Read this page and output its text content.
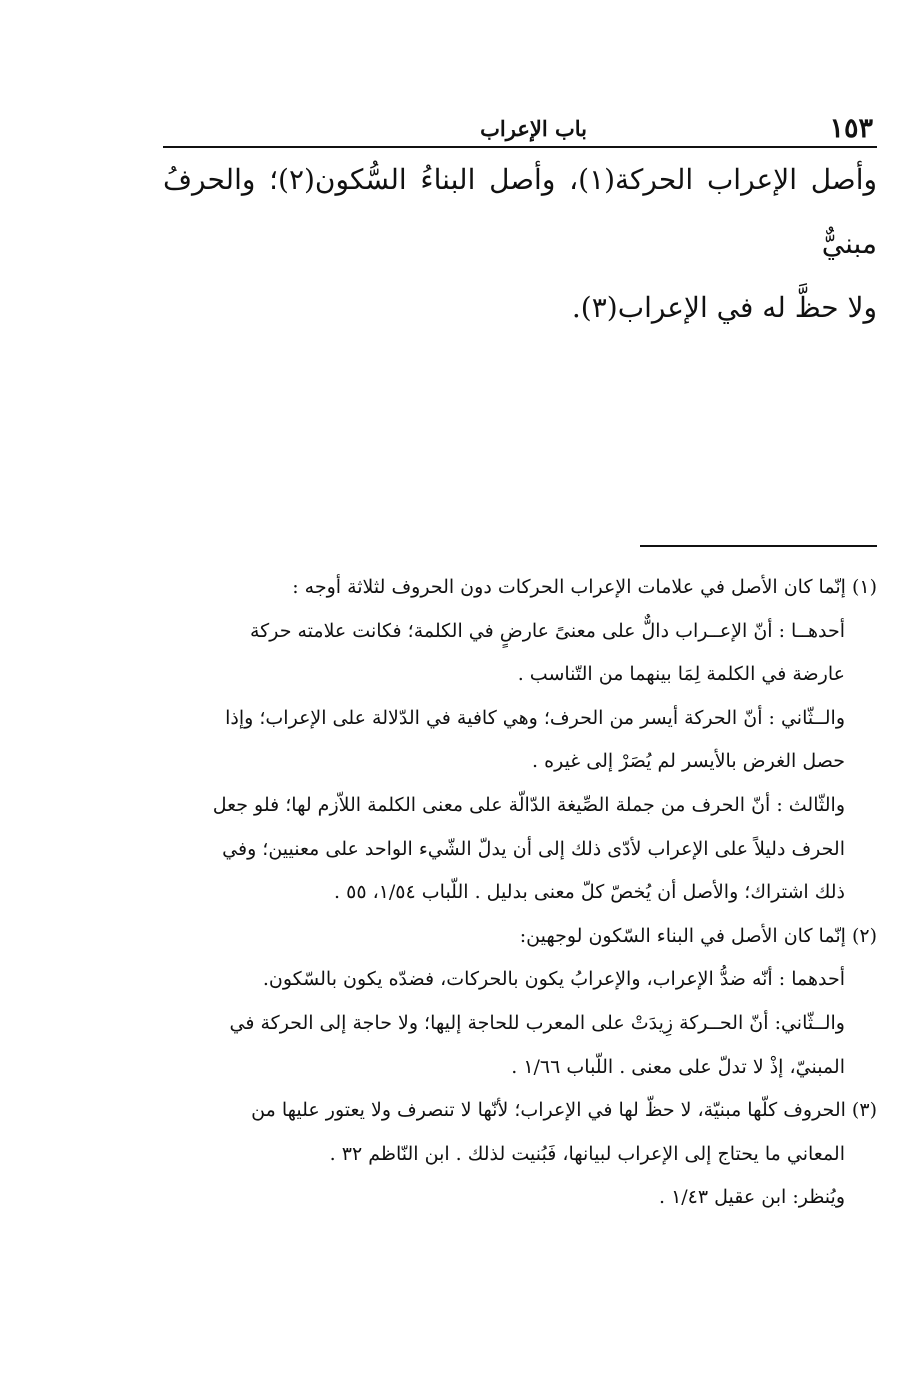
١٥٣
باب الإعراب

وأصل الإعراب الحركة(١)، وأصل البناءُ السُّكون(٢)؛ والحرفُ مبنيٌّ

ولا حظَّ له في الإعراب(٣).

(١) إنّما كان الأصل في علامات الإعراب الحركات دون الحروف لثلاثة أوجه :

أحدهــا : أنّ الإعــراب دالٌّ على معنىً عارضٍ في الكلمة؛ فكانت علامته حركة

عارضة في الكلمة لِمَا بينهما من التّناسب .

والــثّاني : أنّ الحركة أيسر من الحرف؛ وهي كافية في الدّلالة على الإعراب؛ وإذا

حصل الغرض بالأيسر لم يُصَرْ إلى غيره .

والثّالث : أنّ الحرف من جملة الصِّيغة الدّالّة على معنى الكلمة اللاّزم لها؛ فلو جعل

الحرف دليلاً على الإعراب لأدّى ذلك إلى أن يدلّ الشّيء الواحد على معنيين؛ وفي

ذلك اشتراك؛ والأصل أن يُخصّ كلّ معنى بدليل . اللّباب ١/٥٤، ٥٥ .

(٢) إنّما كان الأصل في البناء السّكون لوجهين:

أحدهما : أنّه ضدُّ الإعراب، والإعرابُ يكون بالحركات، فضدّه يكون بالسّكون.

والــثّاني: أنّ الحــركة زِيدَتْ على المعرب للحاجة إليها؛ ولا حاجة إلى الحركة في

المبنيّ، إذْ لا تدلّ على معنى . اللّباب ١/٦٦ .

(٣) الحروف كلّها مبنيّة، لا حظّ لها في الإعراب؛ لأنّها لا تنصرف ولا يعتور عليها من

المعاني ما يحتاج إلى الإعراب لبيانها، فَبُنيت لذلك . ابن النّاظم ٣٢ .

ويُنظر: ابن عقيل ١/٤٣ .
